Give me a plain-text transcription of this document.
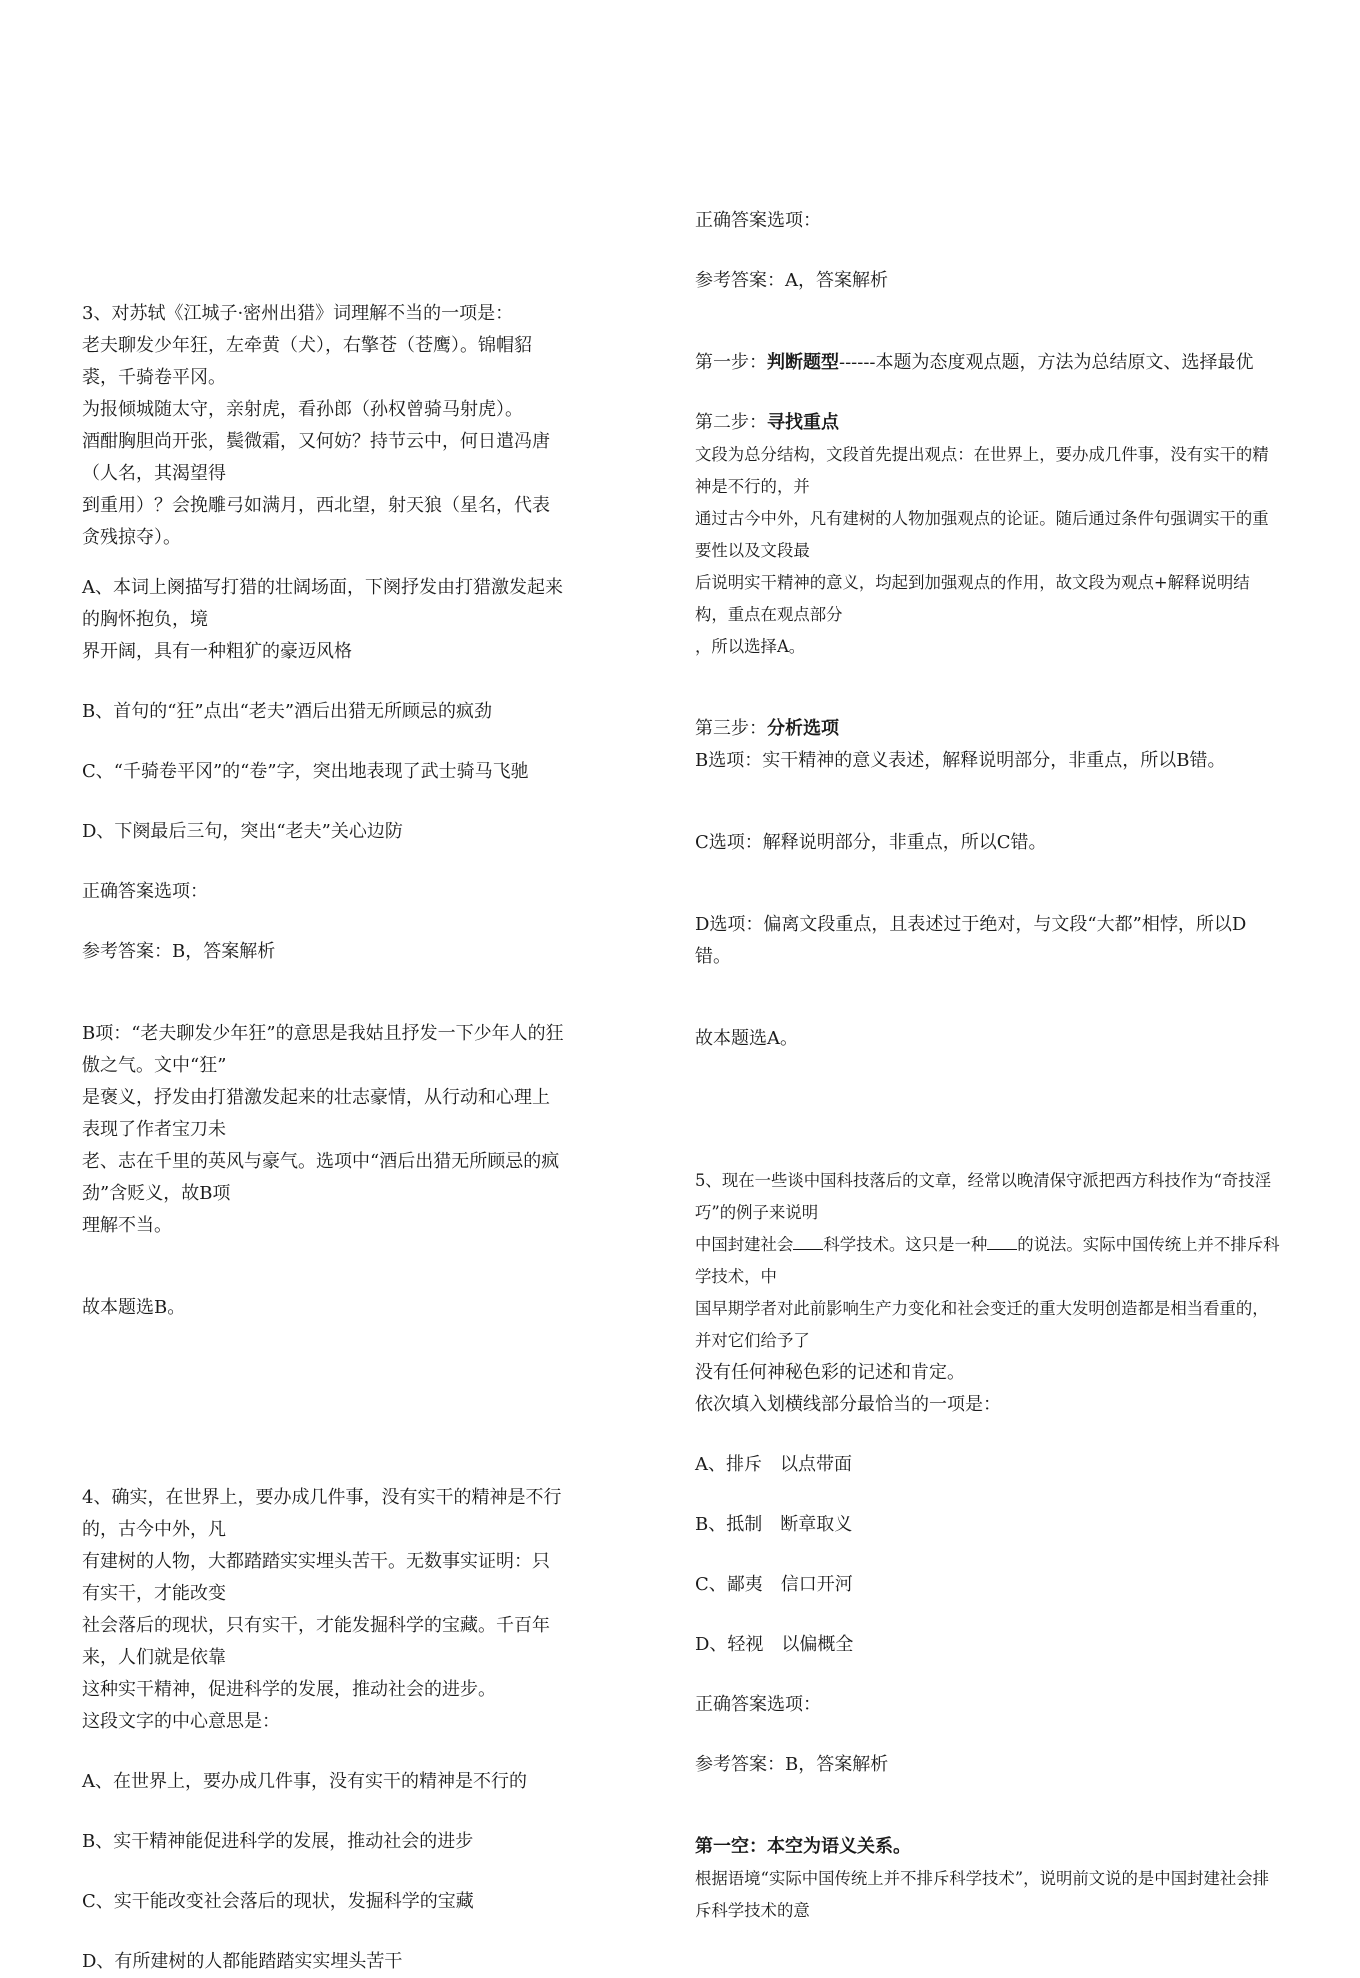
3、对苏轼《江城子·密州出猎》词理解不当的一项是：

老夫聊发少年狂，左牵黄（犬），右擎苍（苍鹰）。锦帽貂裘，千骑卷平冈。

为报倾城随太守，亲射虎，看孙郎（孙权曾骑马射虎）。

酒酣胸胆尚开张，鬓微霜，又何妨？持节云中，何日遣冯唐（人名，其渴望得

到重用）？会挽雕弓如满月，西北望，射天狼（星名，代表贪残掠夺）。

A、本词上阕描写打猎的壮阔场面，下阕抒发由打猎激发起来的胸怀抱负，境

界开阔，具有一种粗犷的豪迈风格

B、首句的“狂”点出“老夫”酒后出猎无所顾忌的疯劲

C、“千骑卷平冈”的“卷”字，突出地表现了武士骑马飞驰

D、下阕最后三句，突出“老夫”关心边防

正确答案选项：

参考答案：B，答案解析

B项：“老夫聊发少年狂”的意思是我姑且抒发一下少年人的狂傲之气。文中“狂”

是褒义，抒发由打猎激发起来的壮志豪情，从行动和心理上表现了作者宝刀未

老、志在千里的英风与豪气。选项中“酒后出猎无所顾忌的疯劲”含贬义，故B项

理解不当。

故本题选B。

4、确实，在世界上，要办成几件事，没有实干的精神是不行的，古今中外，凡

有建树的人物，大都踏踏实实埋头苦干。无数事实证明：只有实干，才能改变

社会落后的现状，只有实干，才能发掘科学的宝藏。千百年来，人们就是依靠

这种实干精神，促进科学的发展，推动社会的进步。

这段文字的中心意思是：

A、在世界上，要办成几件事，没有实干的精神是不行的

B、实干精神能促进科学的发展，推动社会的进步

C、实干能改变社会落后的现状，发掘科学的宝藏

D、有所建树的人都能踏踏实实埋头苦干

正确答案选项：

参考答案：A，答案解析

第一步：判断题型------本题为态度观点题，方法为总结原文、选择最优

第二步：寻找重点

文段为总分结构，文段首先提出观点：在世界上，要办成几件事，没有实干的精神是不行的，并

通过古今中外，凡有建树的人物加强观点的论证。随后通过条件句强调实干的重要性以及文段最

后说明实干精神的意义，均起到加强观点的作用，故文段为观点+解释说明结构，重点在观点部分

，所以选择A。

第三步：分析选项

B选项：实干精神的意义表述，解释说明部分，非重点，所以B错。

C选项：解释说明部分，非重点，所以C错。

D选项：偏离文段重点，且表述过于绝对，与文段“大都”相悖，所以D错。

故本题选A。

5、现在一些谈中国科技落后的文章，经常以晚清保守派把西方科技作为“奇技淫巧”的例子来说明

中国封建社会 科学技术。这只是一种 的说法。实际中国传统上并不排斥科学技术，中

国早期学者对此前影响生产力变化和社会变迁的重大发明创造都是相当看重的，并对它们给予了

没有任何神秘色彩的记述和肯定。

依次填入划横线部分最恰当的一项是：

A、排斥　以点带面

B、抵制　断章取义

C、鄙夷　信口开河

D、轻视　以偏概全

正确答案选项：

参考答案：B，答案解析

第一空：本空为语义关系。

根据语境“实际中国传统上并不排斥科学技术”，说明前文说的是中国封建社会排斥科学技术的意
